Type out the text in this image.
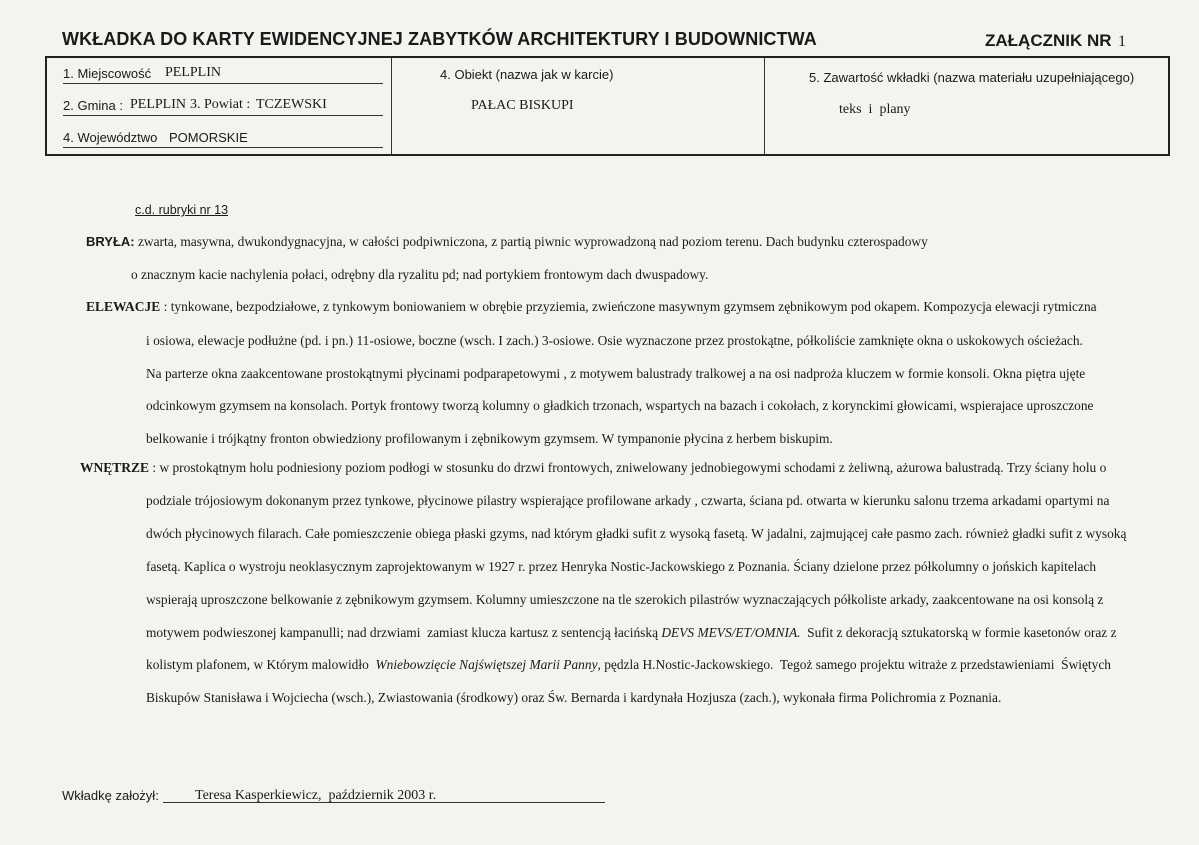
WKŁADKA DO KARTY EWIDENCYJNEJ ZABYTKÓW ARCHITEKTURY I BUDOWNICTWA	ZAŁĄCZNIK NR 1
1. Miejscowość PELPLIN
2. Gmina : PELPLIN 3. Powiat : TCZEWSKI
4. Województwo POMORSKIE
4. Obiekt (nazwa jak w karcie)
PAŁAC BISKUPI
5. Zawartość wkładki (nazwa materiału uzupełniającego)
teks  i  plany
c.d. rubryki nr 13
BRYŁA: zwarta, masywna, dwukondygnacyjna, w całości podpiwniczona, z partią piwnic wyprowadzoną nad poziom terenu. Dach budynku czterospadowy
o znacznym kacie nachylenia połaci, odrębny dla ryzalitu pd; nad portykiem frontowym dach dwuspadowy.
ELEWACJE : tynkowane, bezpodziałowe, z tynkowym boniowaniem w obrębie przyziemia, zwieńczone masywnym gzymsem zębnikowym pod okapem. Kompozycja elewacji rytmiczna
i osiowa, elewacje podłużne (pd. i pn.) 11-osiowe, boczne (wsch. I zach.) 3-osiowe. Osie wyznaczone przez prostokątne, półkoliście zamknięte okna o uskokowych ościeżach.
Na parterze okna zaakcentowane prostokątnymi płycinami podparapetowymi , z motywem balustrady tralkowej a na osi nadproża kluczem w formie konsoli. Okna piętra ujęte
odcinkowym gzymsem na konsolach. Portyk frontowy tworzą kolumny o gładkich trzonach, wspartych na bazach i cokołach, z korynckimi głowicami, wspierajace uproszczone
belkowanie i trójkątny fronton obwiedziony profilowanym i zębnikowym gzymsem. W tympanonie płycina z herbem biskupim.
WNĘTRZE : w prostokątnym holu podniesiony poziom podłogi w stosunku do drzwi frontowych, zniwelowany jednobiegowymi schodami z żeliwną, ażurowa balustradą. Trzy ściany holu o
podziale trójosiowym dokonanym przez tynkowe, płycinowe pilastry wspierające profilowane arkady , czwarta, ściana pd. otwarta w kierunku salonu trzema arkadami opartymi na
dwóch płycinowych filarach. Całe pomieszczenie obiega płaski gzyms, nad którym gładki sufit z wysoką fasetą. W jadalni, zajmującej całe pasmo zach. również gładki sufit z wysoką
fasetą. Kaplica o wystroju neoklasycznym zaprojektowanym w 1927 r. przez Henryka Nostic-Jackowskiego z Poznania. Ściany dzielone przez półkolumny o jońskich kapitelach
wspierają uproszczone belkowanie z zębnikowym gzymsem. Kolumny umieszczone na tle szerokich pilastrów wyznaczających półkoliste arkady, zaakcentowane na osi konsolą z
motywem podwieszonej kampanulli; nad drzwiami  zamiast klucza kartusz z sentencją łacińską DEVS MEVS/ET/OMNIA.  Sufit z dekoracją sztukatorską w formie kasetonów oraz z
kolistym plafonem, w Którym malowidło  Wniebowzięcie Najświętszej Marii Panny, pędzla H.Nostic-Jackowskiego.  Tegoż samego projektu witraże z przedstawieniami  Świętych
Biskupów Stanisława i Wojciecha (wsch.), Zwiastowania (środkowy) oraz Św. Bernarda i kardynała Hozjusza (zach.), wykonała firma Polichromia z Poznania.
Wkładkę założył:	Teresa Kasperkiewicz,  październik 2003 r.
